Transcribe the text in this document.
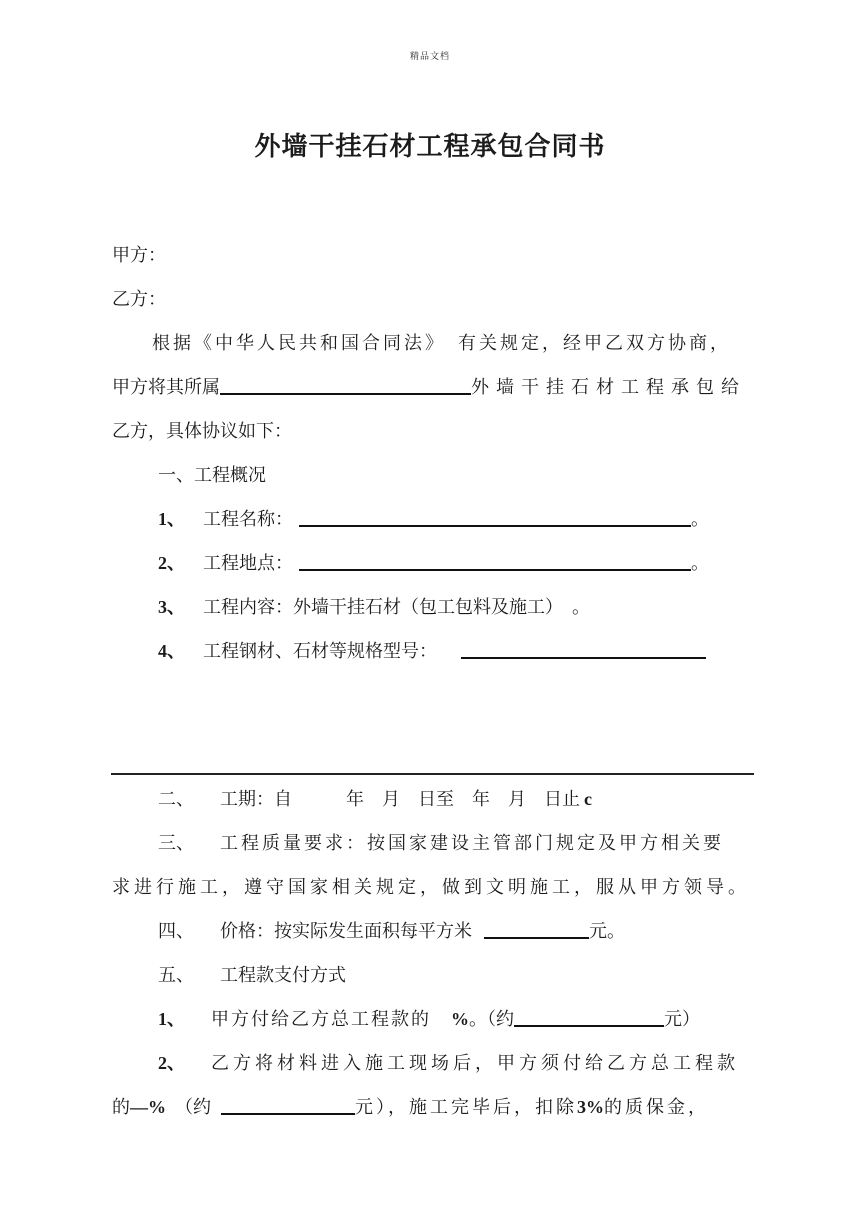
精品文档
外墙干挂石材工程承包合同书
甲方：
乙方：
根据《中华人民共和国合同法》　有关规定，经甲乙双方协商，
甲方将其所属	外墙干挂石材工程承包给
乙方，具体协议如下：
一、工程概况
1、 工程名称：	。
2、 工程地点：	。
3、 工程内容：外墙干挂石材（包工包料及施工）　。
4、 工程钢材、石材等规格型号：
二、 工期：自　　　年　月　日至　年　月　日止 c
三、 工程质量要求：按国家建设主管部门规定及甲方相关要
求进行施工，遵守国家相关规定，做到文明施工，服从甲方领导。
四、 价格：按实际发生面积每平方米	元。
五、 工程款支付方式
1、 甲方付给乙方总工程款的　%。（约	元）
2、 乙方将材料进入施工现场后，甲方须付给乙方总工程款
的—%　（约	元），施工完毕后，扣除3%的质保金，
